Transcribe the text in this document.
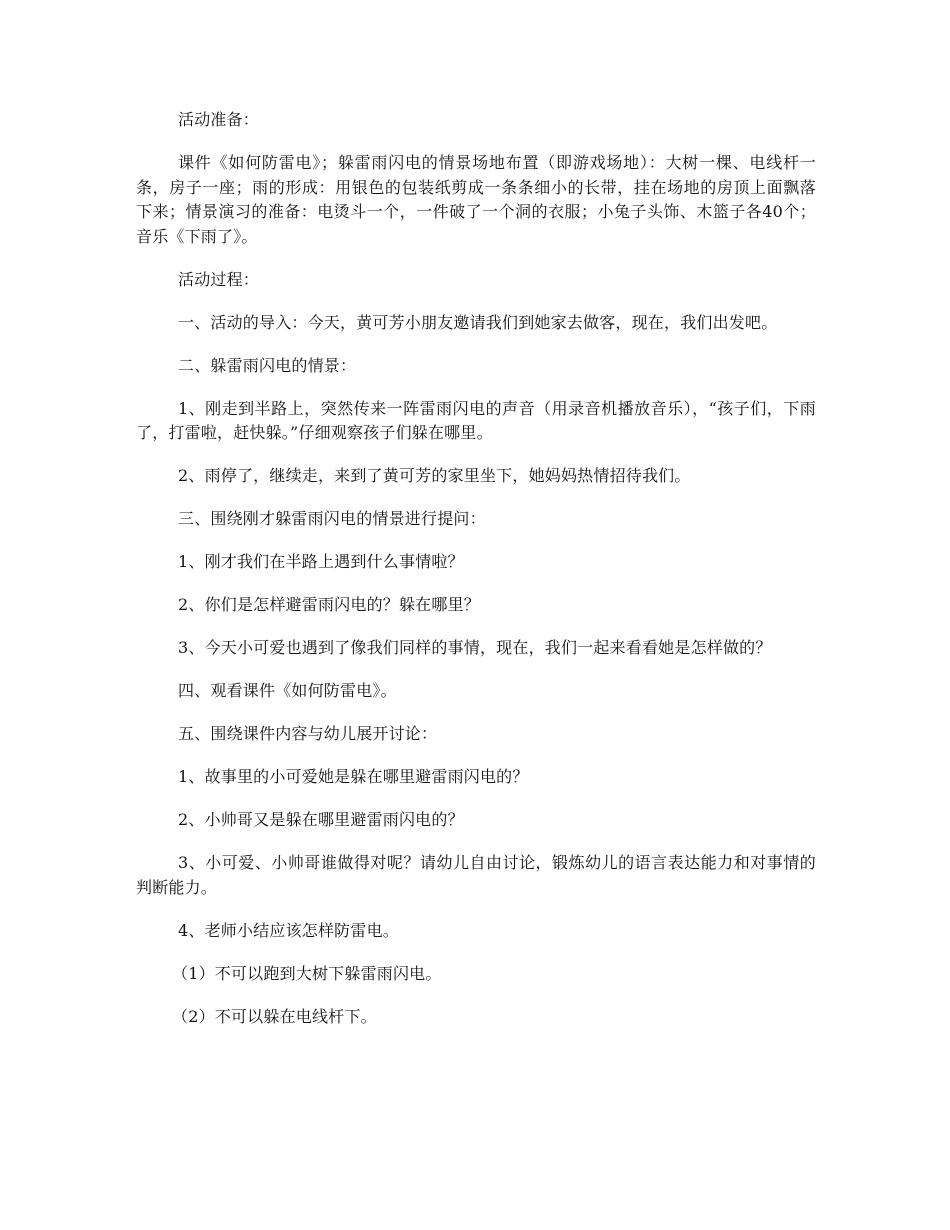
活动准备：

课件《如何防雷电》；躲雷雨闪电的情景场地布置（即游戏场地）：大树一棵、电线杆一条，房子一座；雨的形成：用银色的包装纸剪成一条条细小的长带，挂在场地的房顶上面飘落下来；情景演习的准备：电烫斗一个，一件破了一个洞的衣服；小兔子头饰、木篮子各40个；音乐《下雨了》。

活动过程：

一、活动的导入：今天，黄可芳小朋友邀请我们到她家去做客，现在，我们出发吧。

二、躲雷雨闪电的情景：

1、刚走到半路上，突然传来一阵雷雨闪电的声音（用录音机播放音乐），“孩子们，下雨了，打雷啦，赶快躲。”仔细观察孩子们躲在哪里。

2、雨停了，继续走，来到了黄可芳的家里坐下，她妈妈热情招待我们。

三、围绕刚才躲雷雨闪电的情景进行提问：

1、刚才我们在半路上遇到什么事情啦？

2、你们是怎样避雷雨闪电的？躲在哪里？

3、今天小可爱也遇到了像我们同样的事情，现在，我们一起来看看她是怎样做的？

四、观看课件《如何防雷电》。

五、围绕课件内容与幼儿展开讨论：

1、故事里的小可爱她是躲在哪里避雷雨闪电的？

2、小帅哥又是躲在哪里避雷雨闪电的？

3、小可爱、小帅哥谁做得对呢？请幼儿自由讨论，锻炼幼儿的语言表达能力和对事情的判断能力。

4、老师小结应该怎样防雷电。

（1）不可以跑到大树下躲雷雨闪电。

（2）不可以躲在电线杆下。
